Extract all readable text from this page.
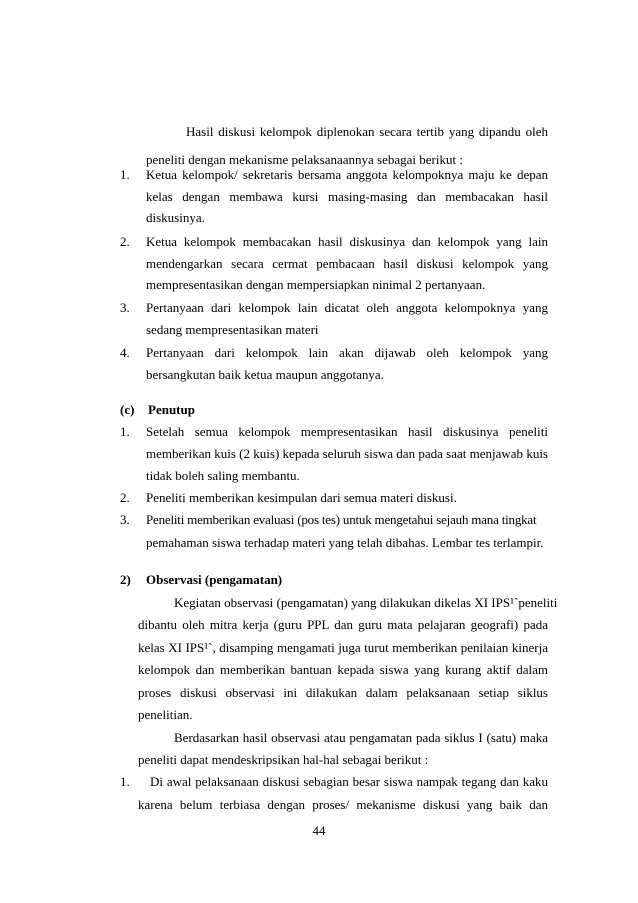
Hasil diskusi kelompok diplenokan secara tertib yang dipandu oleh
peneliti dengan mekanisme pelaksanaannya sebagai berikut :
1.	Ketua kelompok/ sekretaris bersama anggota kelompoknya maju ke depan
kelas dengan membawa kursi masing-masing dan membacakan hasil
diskusinya.
2.	Ketua kelompok membacakan hasil diskusinya dan kelompok yang lain
mendengarkan secara cermat pembacaan hasil diskusi kelompok yang
mempresentasikan dengan mempersiapkan ninimal 2 pertanyaan.
3.	Pertanyaan dari kelompok lain dicatat oleh anggota kelompoknya yang
sedang mempresentasikan materi
4.	Pertanyaan dari kelompok lain akan dijawab oleh kelompok yang
bersangkutan baik ketua maupun anggotanya.
(c) Penutup
1.	Setelah semua kelompok mempresentasikan hasil diskusinya peneliti
memberikan kuis (2 kuis) kepada seluruh siswa dan pada saat menjawab kuis
tidak boleh saling membantu.
2.	Peneliti memberikan kesimpulan dari semua materi diskusi.
3.	Peneliti memberikan evaluasi (pos tes) untuk mengetahui sejauh mana tingkat
pemahaman siswa terhadap materi yang telah dibahas. Lembar tes terlampir.
2) Observasi (pengamatan)
Kegiatan observasi (pengamatan) yang dilakukan dikelas XI IPS¹`peneliti
dibantu oleh mitra kerja (guru PPL dan guru mata pelajaran geografi) pada
kelas XI IPS¹`, disamping mengamati juga turut memberikan penilaian kinerja
kelompok dan memberikan bantuan kepada siswa yang kurang aktif dalam
proses diskusi observasi ini dilakukan dalam pelaksanaan setiap siklus
penelitian.
Berdasarkan hasil observasi atau pengamatan pada siklus I (satu) maka
peneliti dapat mendeskripsikan hal-hal sebagai berikut :
1.	Di awal pelaksanaan diskusi sebagian besar siswa nampak tegang dan kaku
karena belum terbiasa dengan proses/ mekanisme diskusi yang baik dan
44
